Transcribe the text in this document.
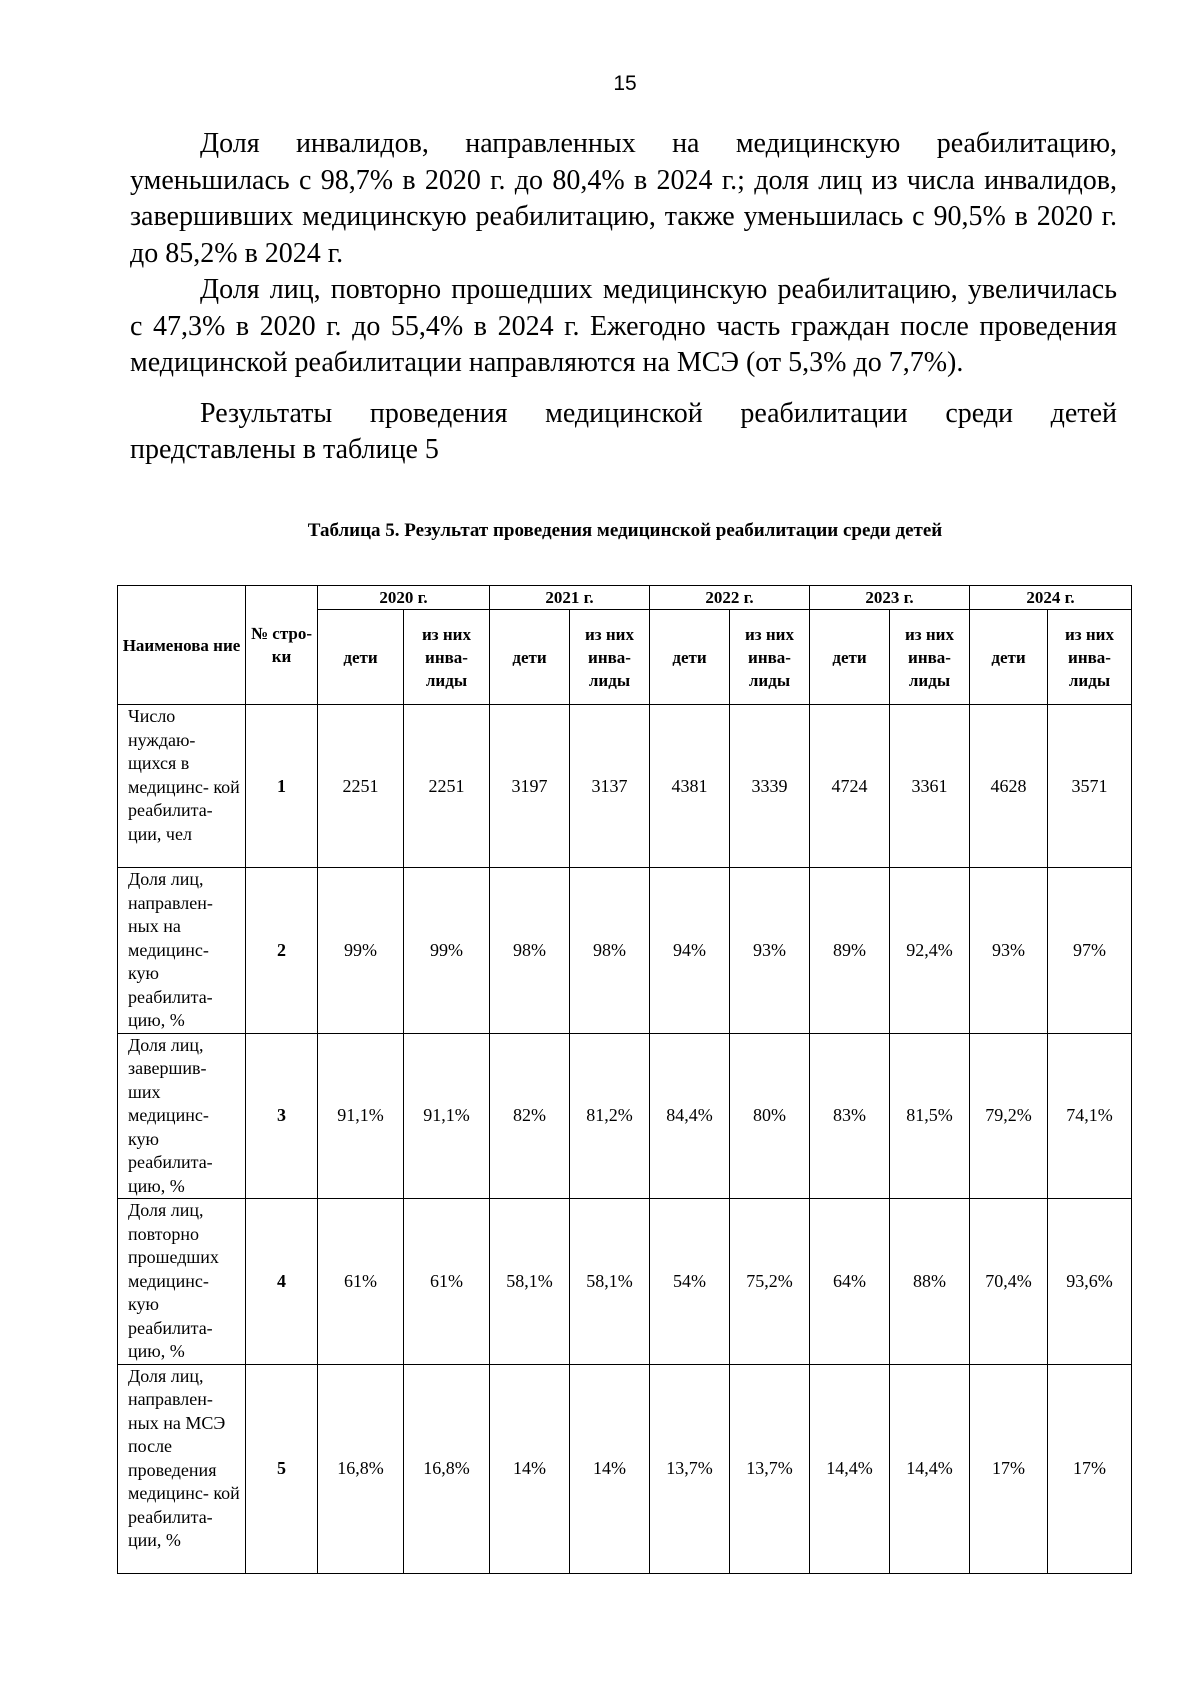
15

Доля инвалидов, направленных на медицинскую реабилитацию, уменьшилась с 98,7% в 2020 г. до 80,4% в 2024 г.; доля лиц из числа инвалидов, завершивших медицинскую реабилитацию, также уменьшилась с 90,5% в 2020 г. до 85,2% в 2024 г.

Доля лиц, повторно прошедших медицинскую реабилитацию, увеличилась с 47,3% в 2020 г. до 55,4% в 2024 г. Ежегодно часть граждан после проведения медицинской реабилитации направляются на МСЭ (от 5,3% до 7,7%).

Результаты проведения медицинской реабилитации среди детей представлены в таблице 5

Таблица 5. Результат проведения медицинской реабилитации среди детей
Наименова ние	№ стро- ки	2020 г.		2021 г.		2022 г.		2023 г.		2024 г.	
		дети	из них инва- лиды	дети	из них инва- лиды	дети	из них инва- лиды	дети	из них инва- лиды	дети	из них инва- лиды
Число нуждаю- щихся в медицинс- кой реабилита- ции, чел	1	2251	2251	3197	3137	4381	3339	4724	3361	4628	3571
Доля лиц, направлен- ных на медицинс- кую реабилита- цию, %	2	99%	99%	98%	98%	94%	93%	89%	92,4%	93%	97%
Доля лиц, завершив- ших медицинс- кую реабилита- цию, %	3	91,1%	91,1%	82%	81,2%	84,4%	80%	83%	81,5%	79,2%	74,1%
Доля лиц, повторно прошедших медицинс- кую реабилита- цию, %	4	61%	61%	58,1%	58,1%	54%	75,2%	64%	88%	70,4%	93,6%
Доля лиц, направлен- ных на МСЭ после проведения медицинс- кой реабилита- ции, %	5	16,8%	16,8%	14%	14%	13,7%	13,7%	14,4%	14,4%	17%	17%
